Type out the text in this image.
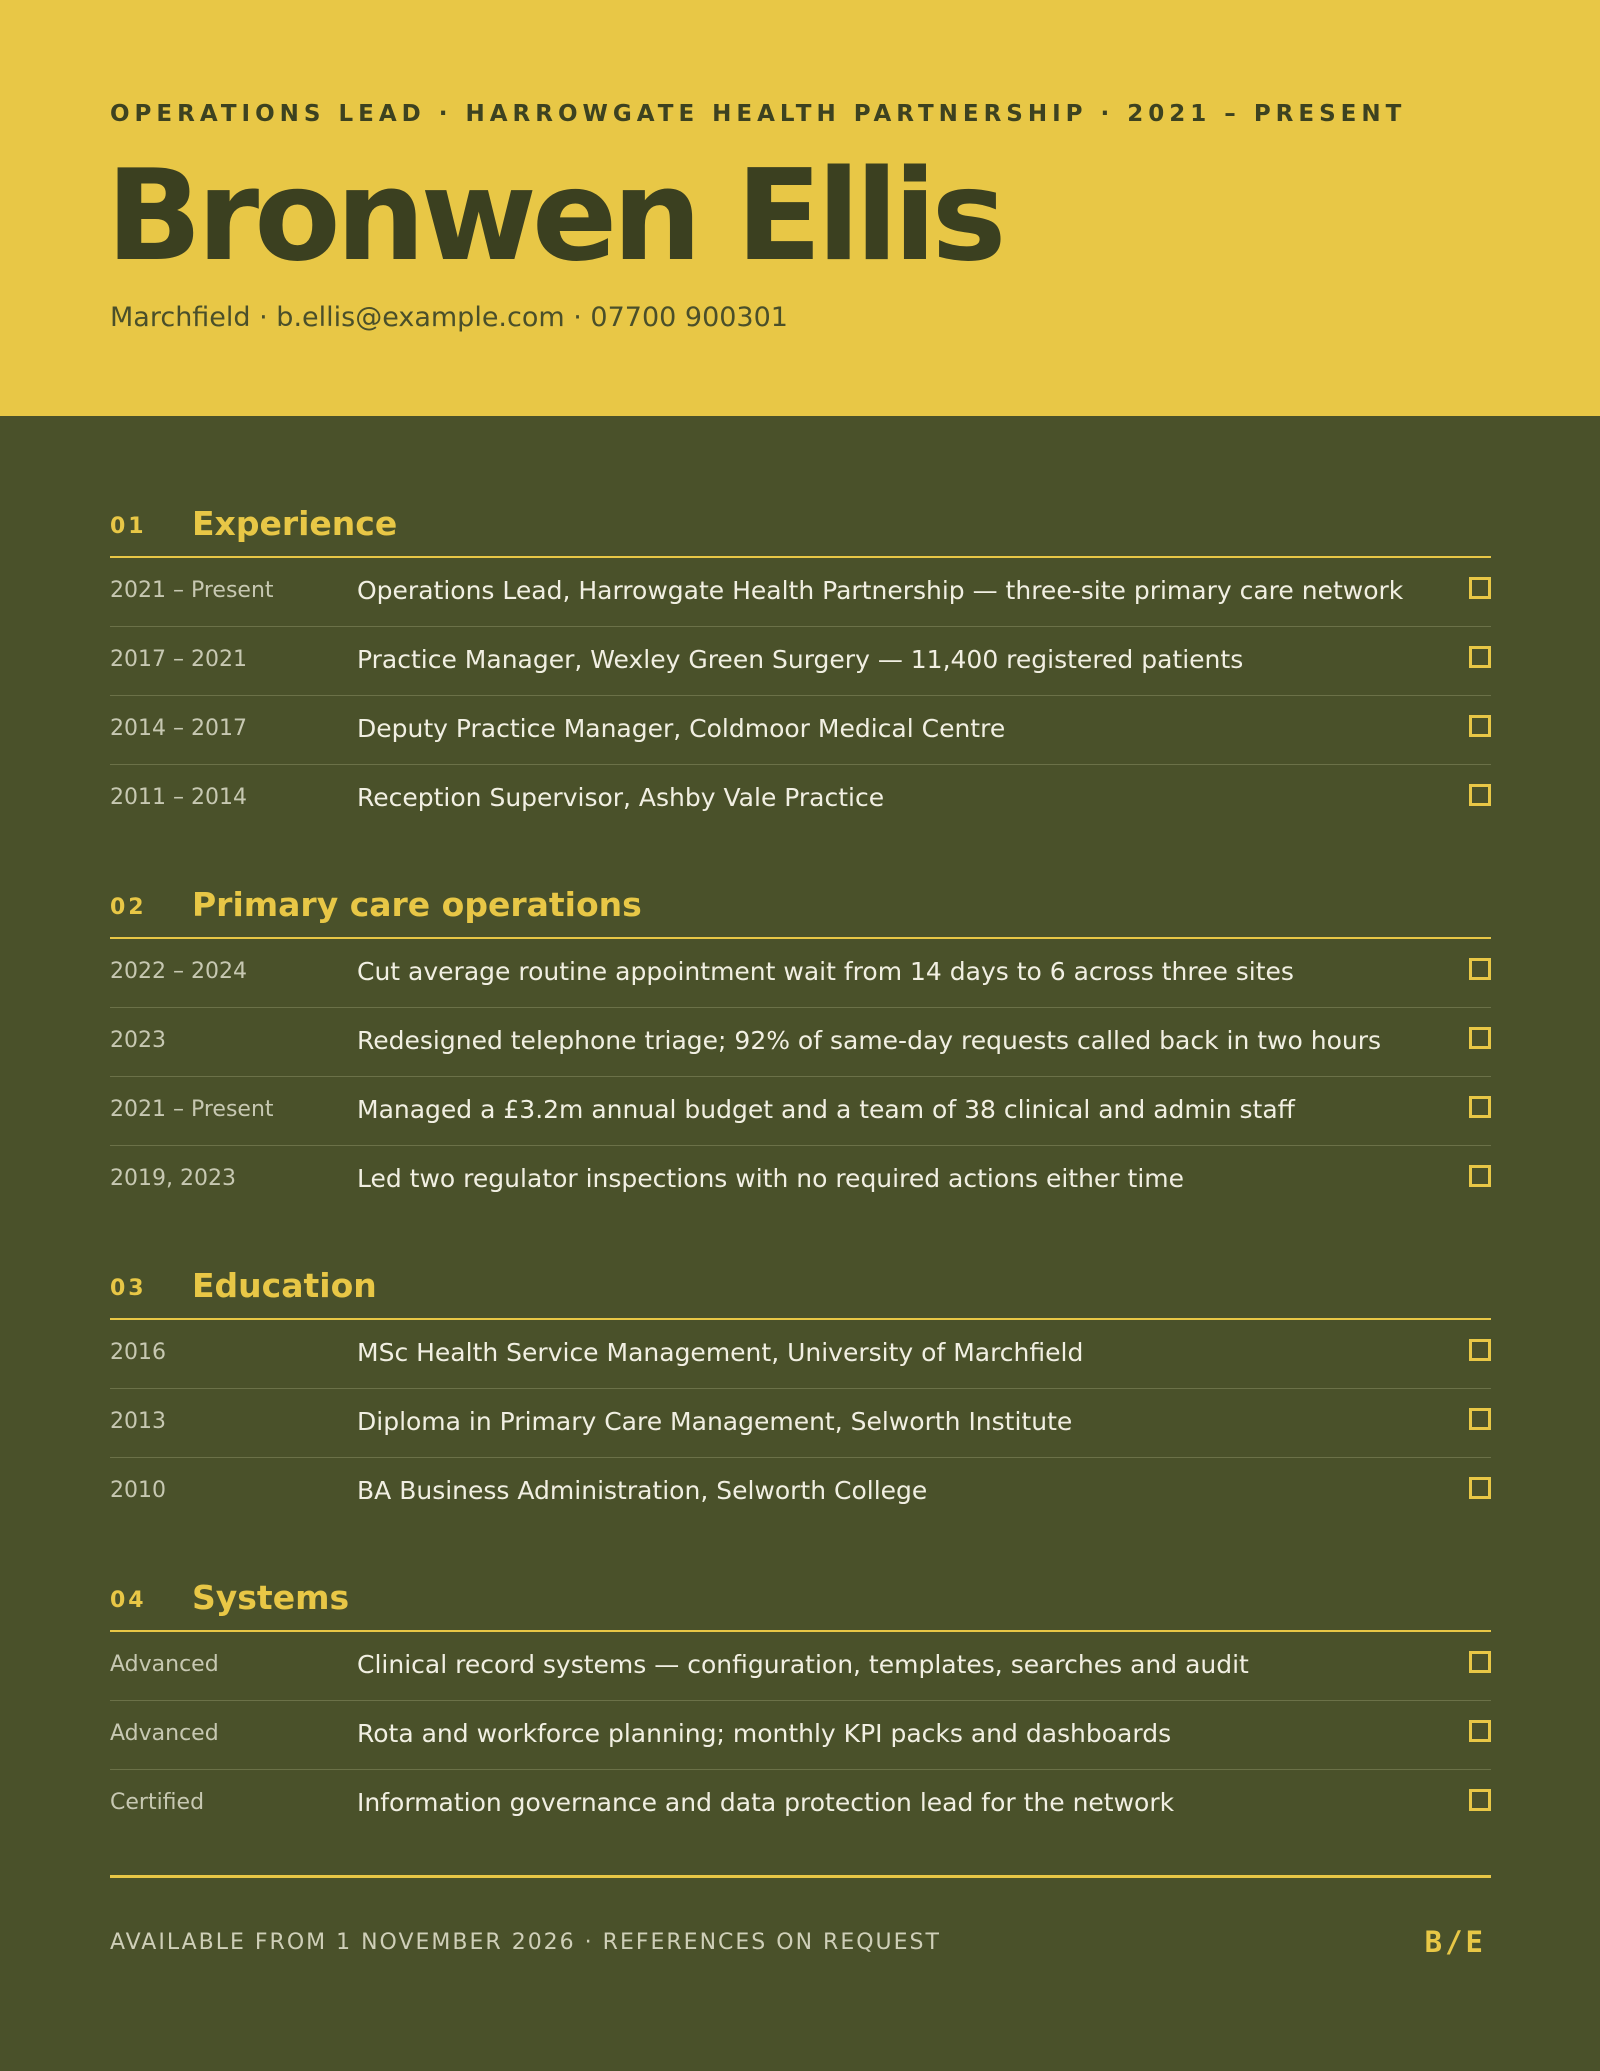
OPERATIONS LEAD · HARROWGATE HEALTH PARTNERSHIP · 2021 – PRESENT
Bronwen Ellis
Marchfield · b.ellis@example.com · 07700 900301
01 Experience
2021 – Present	Operations Lead, Harrowgate Health Partnership — three-site primary care network
2017 – 2021	Practice Manager, Wexley Green Surgery — 11,400 registered patients
2014 – 2017	Deputy Practice Manager, Coldmoor Medical Centre
2011 – 2014	Reception Supervisor, Ashby Vale Practice
02 Primary care operations
2022 – 2024	Cut average routine appointment wait from 14 days to 6 across three sites
2023	Redesigned telephone triage; 92% of same-day requests called back in two hours
2021 – Present	Managed a £3.2m annual budget and a team of 38 clinical and admin staff
2019, 2023	Led two regulator inspections with no required actions either time
03 Education
2016	MSc Health Service Management, University of Marchfield
2013	Diploma in Primary Care Management, Selworth Institute
2010	BA Business Administration, Selworth College
04 Systems
Advanced	Clinical record systems — configuration, templates, searches and audit
Advanced	Rota and workforce planning; monthly KPI packs and dashboards
Certified	Information governance and data protection lead for the network
AVAILABLE FROM 1 NOVEMBER 2026 · REFERENCES ON REQUEST	B/E
